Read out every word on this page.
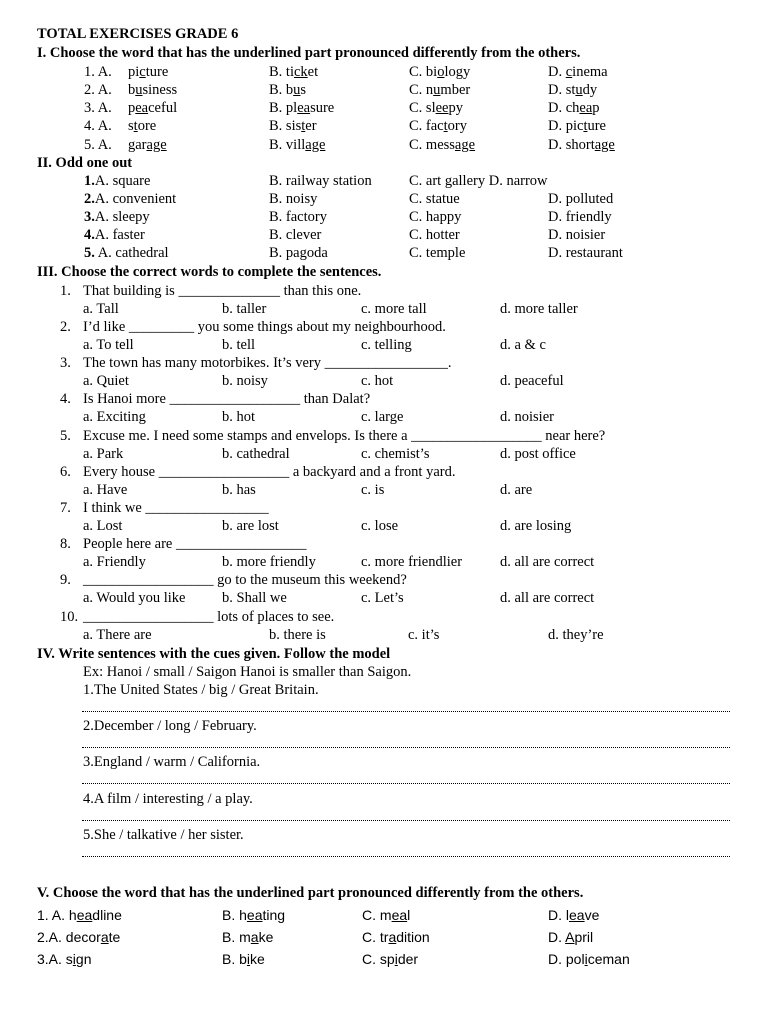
TOTAL EXERCISES GRADE 6
I. Choose the word that has the underlined part pronounced differently from the others.
1. A. picture	B. ticket	C. biology	D. cinema
2. A. business	B. bus	C. number	D. study
3. A. peaceful	B. pleasure	C. sleepy	D. cheap
4. A. store	B. sister	C. factory	D. picture
5. A. garage	B. village	C. message	D. shortage
II. Odd one out
1.A. square	B. railway station	C. art gallery D. narrow
2.A. convenient	B. noisy	C. statue	D. polluted
3.A. sleepy	B. factory	C. happy	D. friendly
4.A. faster	B. clever	C. hotter	D. noisier
5. A. cathedral	B. pagoda	C. temple	D. restaurant
III. Choose the correct words to complete the sentences.
1. That building is ______________ than this one.
a. Tall	b. taller	c. more tall	d. more taller
2. I’d like _________ you some things about my neighbourhood.
a. To tell	b. tell	c. telling	d. a & c
3. The town has many motorbikes. It’s very _________________.
a. Quiet	b. noisy	c. hot	d. peaceful
4. Is Hanoi more __________________ than Dalat?
a. Exciting	b. hot	c. large	d. noisier
5. Excuse me. I need some stamps and envelops. Is there a __________________ near here?
a. Park	b. cathedral	c. chemist’s	d. post office
6. Every house __________________ a backyard and a front yard.
a. Have	b. has	c. is	d. are
7. I think we _________________
a. Lost	b. are lost	c. lose	d. are losing
8. People here are __________________
a. Friendly	b. more friendly	c. more friendlier	d. all are correct
9. __________________ go to the museum this weekend?
a. Would you like	b. Shall we	c. Let’s	d. all are correct
10. __________________ lots of places to see.
a. There are	b. there is	c. it’s	d. they’re
IV. Write sentences with the cues given. Follow the model
Ex: Hanoi / small / Saigon Hanoi is smaller than Saigon.
1.The United States / big / Great Britain.
2.December / long / February.
3.England / warm / California.
4.A film / interesting / a play.
5.She / talkative / her sister.
V. Choose the word that has the underlined part pronounced differently from the others.
1. A. headline	B. heating	C. meal	D. leave
2.A. decorate	B. make	C. tradition	D. April
3.A. sign	B. bike	C. spider	D. policeman
